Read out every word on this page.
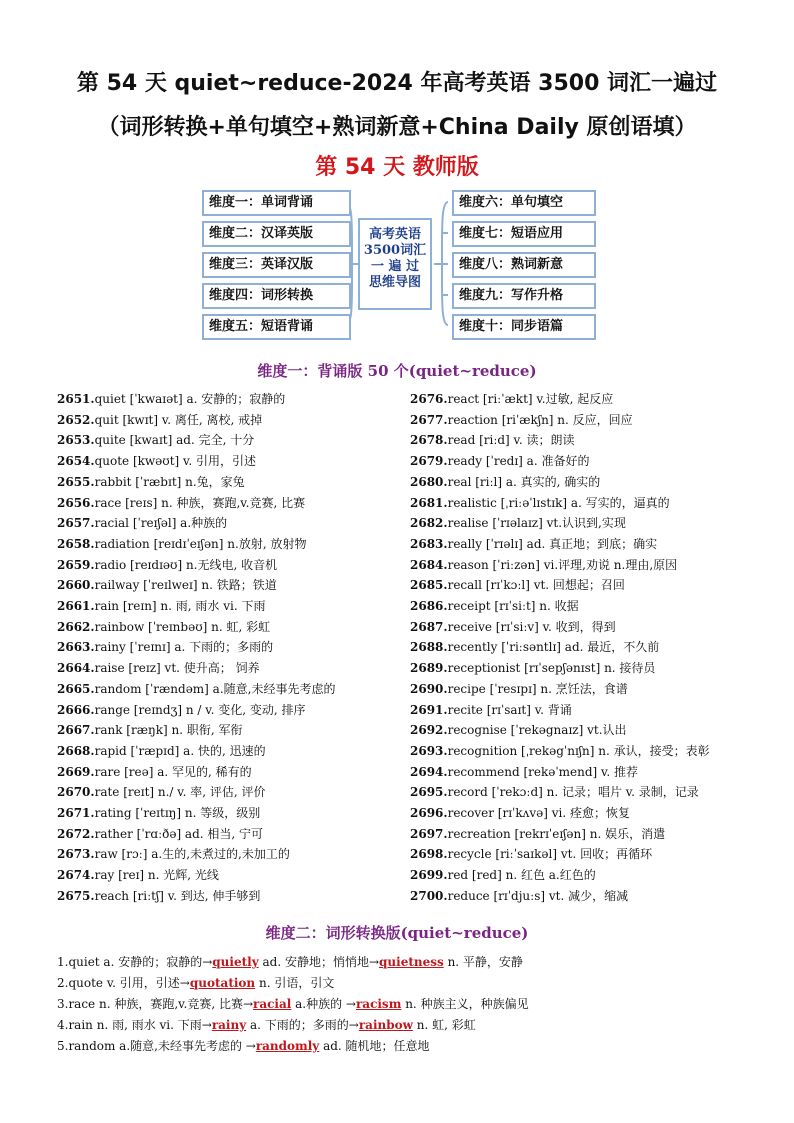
第 54 天 quiet~reduce-2024 年高考英语 3500 词汇一遍过
（词形转换+单句填空+熟词新意+China Daily 原创语填）
第 54 天 教师版
维度一：单词背诵
维度二：汉译英版
维度三：英译汉版
维度四：词形转换
维度五：短语背诵
高考英语
3500词汇
一 遍 过
思维导图
维度六：单句填空
维度七：短语应用
维度八：熟词新意
维度九：写作升格
维度十：同步语篇
维度一：背诵版 50 个(quiet~reduce)
2651.quiet [ˈkwaɪət] a. 安静的；寂静的
2652.quit [kwɪt] v. 离任, 离校, 戒掉
2653.quite [kwaɪt] ad. 完全, 十分
2654.quote [kwəʊt] v. 引用，引述
2655.rabbit [ˈræbɪt] n.兔，家兔
2656.race [reɪs] n. 种族，赛跑,v.竞赛, 比赛
2657.racial [ˈreɪʃəl] a.种族的
2658.radiation [reɪdɪˈeɪʃən] n.放射, 放射物
2659.radio [reɪdɪəʊ] n.无线电, 收音机
2660.railway [ˈreɪlweɪ] n. 铁路；铁道
2661.rain [reɪn] n. 雨, 雨水 vi. 下雨
2662.rainbow [ˈreɪnbəʊ] n. 虹, 彩虹
2663.rainy [ˈreɪnɪ] a. 下雨的；多雨的
2664.raise [reɪz] vt. 使升高； 饲养
2665.random [ˈrændəm] a.随意,未经事先考虑的
2666.range [reɪndʒ] n / v. 变化, 变动, 排序
2667.rank [ræŋk] n. 职衔, 军衔
2668.rapid [ˈræpɪd] a. 快的, 迅速的
2669.rare [reə] a. 罕见的, 稀有的
2670.rate [reɪt] n./ v. 率, 评估, 评价
2671.rating [ˈreɪtɪŋ] n. 等级，级别
2672.rather [ˈrɑːðə] ad. 相当, 宁可
2673.raw [rɔː] a.生的,未煮过的,未加工的
2674.ray [reɪ] n. 光辉, 光线
2675.reach [riːtʃ] v. 到达, 伸手够到
2676.react [riːˈækt] v.过敏, 起反应
2677.reaction [riˈækʃn] n. 反应，回应
2678.read [riːd] v. 读；朗读
2679.ready [ˈredɪ] a. 准备好的
2680.real [riːl] a. 真实的, 确实的
2681.realistic [ˌriːəˈlɪstɪk] a. 写实的，逼真的
2682.realise [ˈrɪəlaɪz] vt.认识到,实现
2683.really [ˈrɪəlɪ] ad. 真正地；到底；确实
2684.reason [ˈriːzən] vi.评理,劝说 n.理由,原因
2685.recall [rɪˈkɔːl] vt. 回想起；召回
2686.receipt [rɪˈsiːt] n. 收据
2687.receive [rɪˈsiːv] v. 收到，得到
2688.recently [ˈriːsəntlɪ] ad. 最近，不久前
2689.receptionist [rɪˈsepʃənɪst] n. 接待员
2690.recipe [ˈresɪpɪ] n. 烹饪法，食谱
2691.recite [rɪˈsaɪt] v. 背诵
2692.recognise [ˈrekəgnaɪz] vt.认出
2693.recognition [ˌrekəgˈnɪʃn] n. 承认，接受；表彰
2694.recommend [rekəˈmend] v. 推荐
2695.record [ˈrekɔːd] n. 记录；唱片 v. 录制，记录
2696.recover [rɪˈkʌvə] vi. 痊愈；恢复
2697.recreation [rekrɪˈeɪʃən] n. 娱乐，消遣
2698.recycle [riːˈsaɪkəl] vt. 回收；再循环
2699.red [red] n. 红色 a.红色的
2700.reduce [rɪˈdjuːs] vt. 减少，缩减
维度二：词形转换版(quiet~reduce)
1.quiet a. 安静的；寂静的→quietly ad. 安静地；悄悄地→quietness n. 平静，安静
2.quote v. 引用，引述→quotation n. 引语，引文
3.race n. 种族，赛跑,v.竞赛, 比赛→racial a.种族的 →racism n. 种族主义，种族偏见
4.rain n. 雨, 雨水 vi. 下雨→rainy a. 下雨的；多雨的→rainbow n. 虹, 彩虹
5.random a.随意,未经事先考虑的 →randomly ad. 随机地；任意地
